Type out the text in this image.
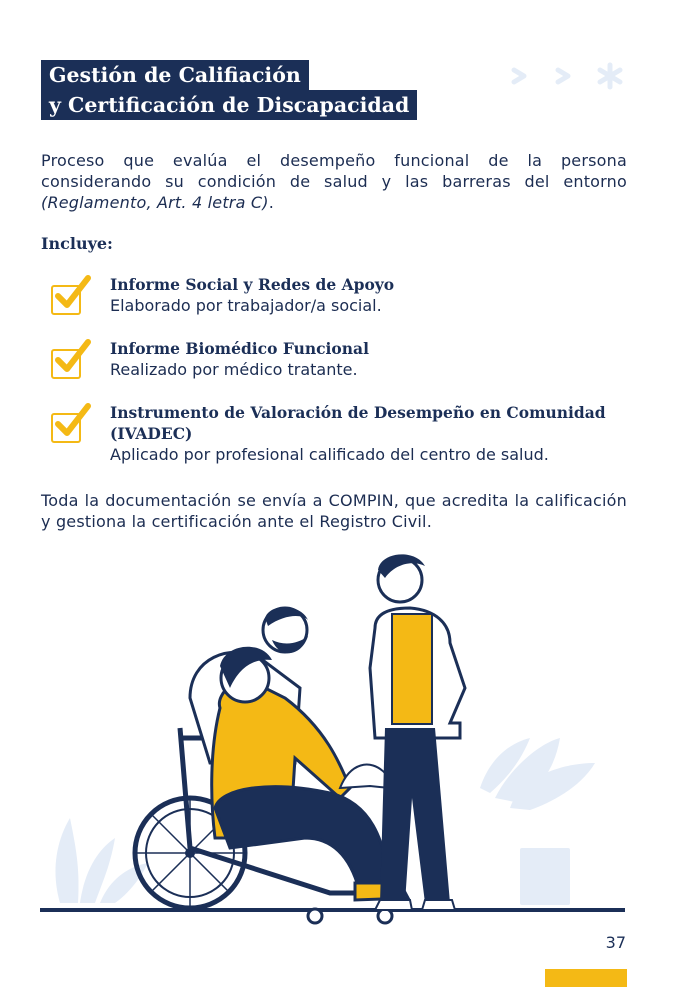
Gestión de Califiación
y Certificación de Discapacidad
Proceso que evalúa el desempeño funcional de la persona considerando su condición de salud y las barreras del entorno (Reglamento, Art. 4 letra C).
Incluye:
Informe Social y Redes de Apoyo
Elaborado por trabajador/a social.
Informe Biomédico Funcional
Realizado por médico tratante.
Instrumento de Valoración de Desempeño en Comunidad (IVADEC)
Aplicado por profesional calificado del centro de salud.
Toda la documentación se envía a COMPIN, que acredita la calificación y gestiona la certificación ante el Registro Civil.
37
